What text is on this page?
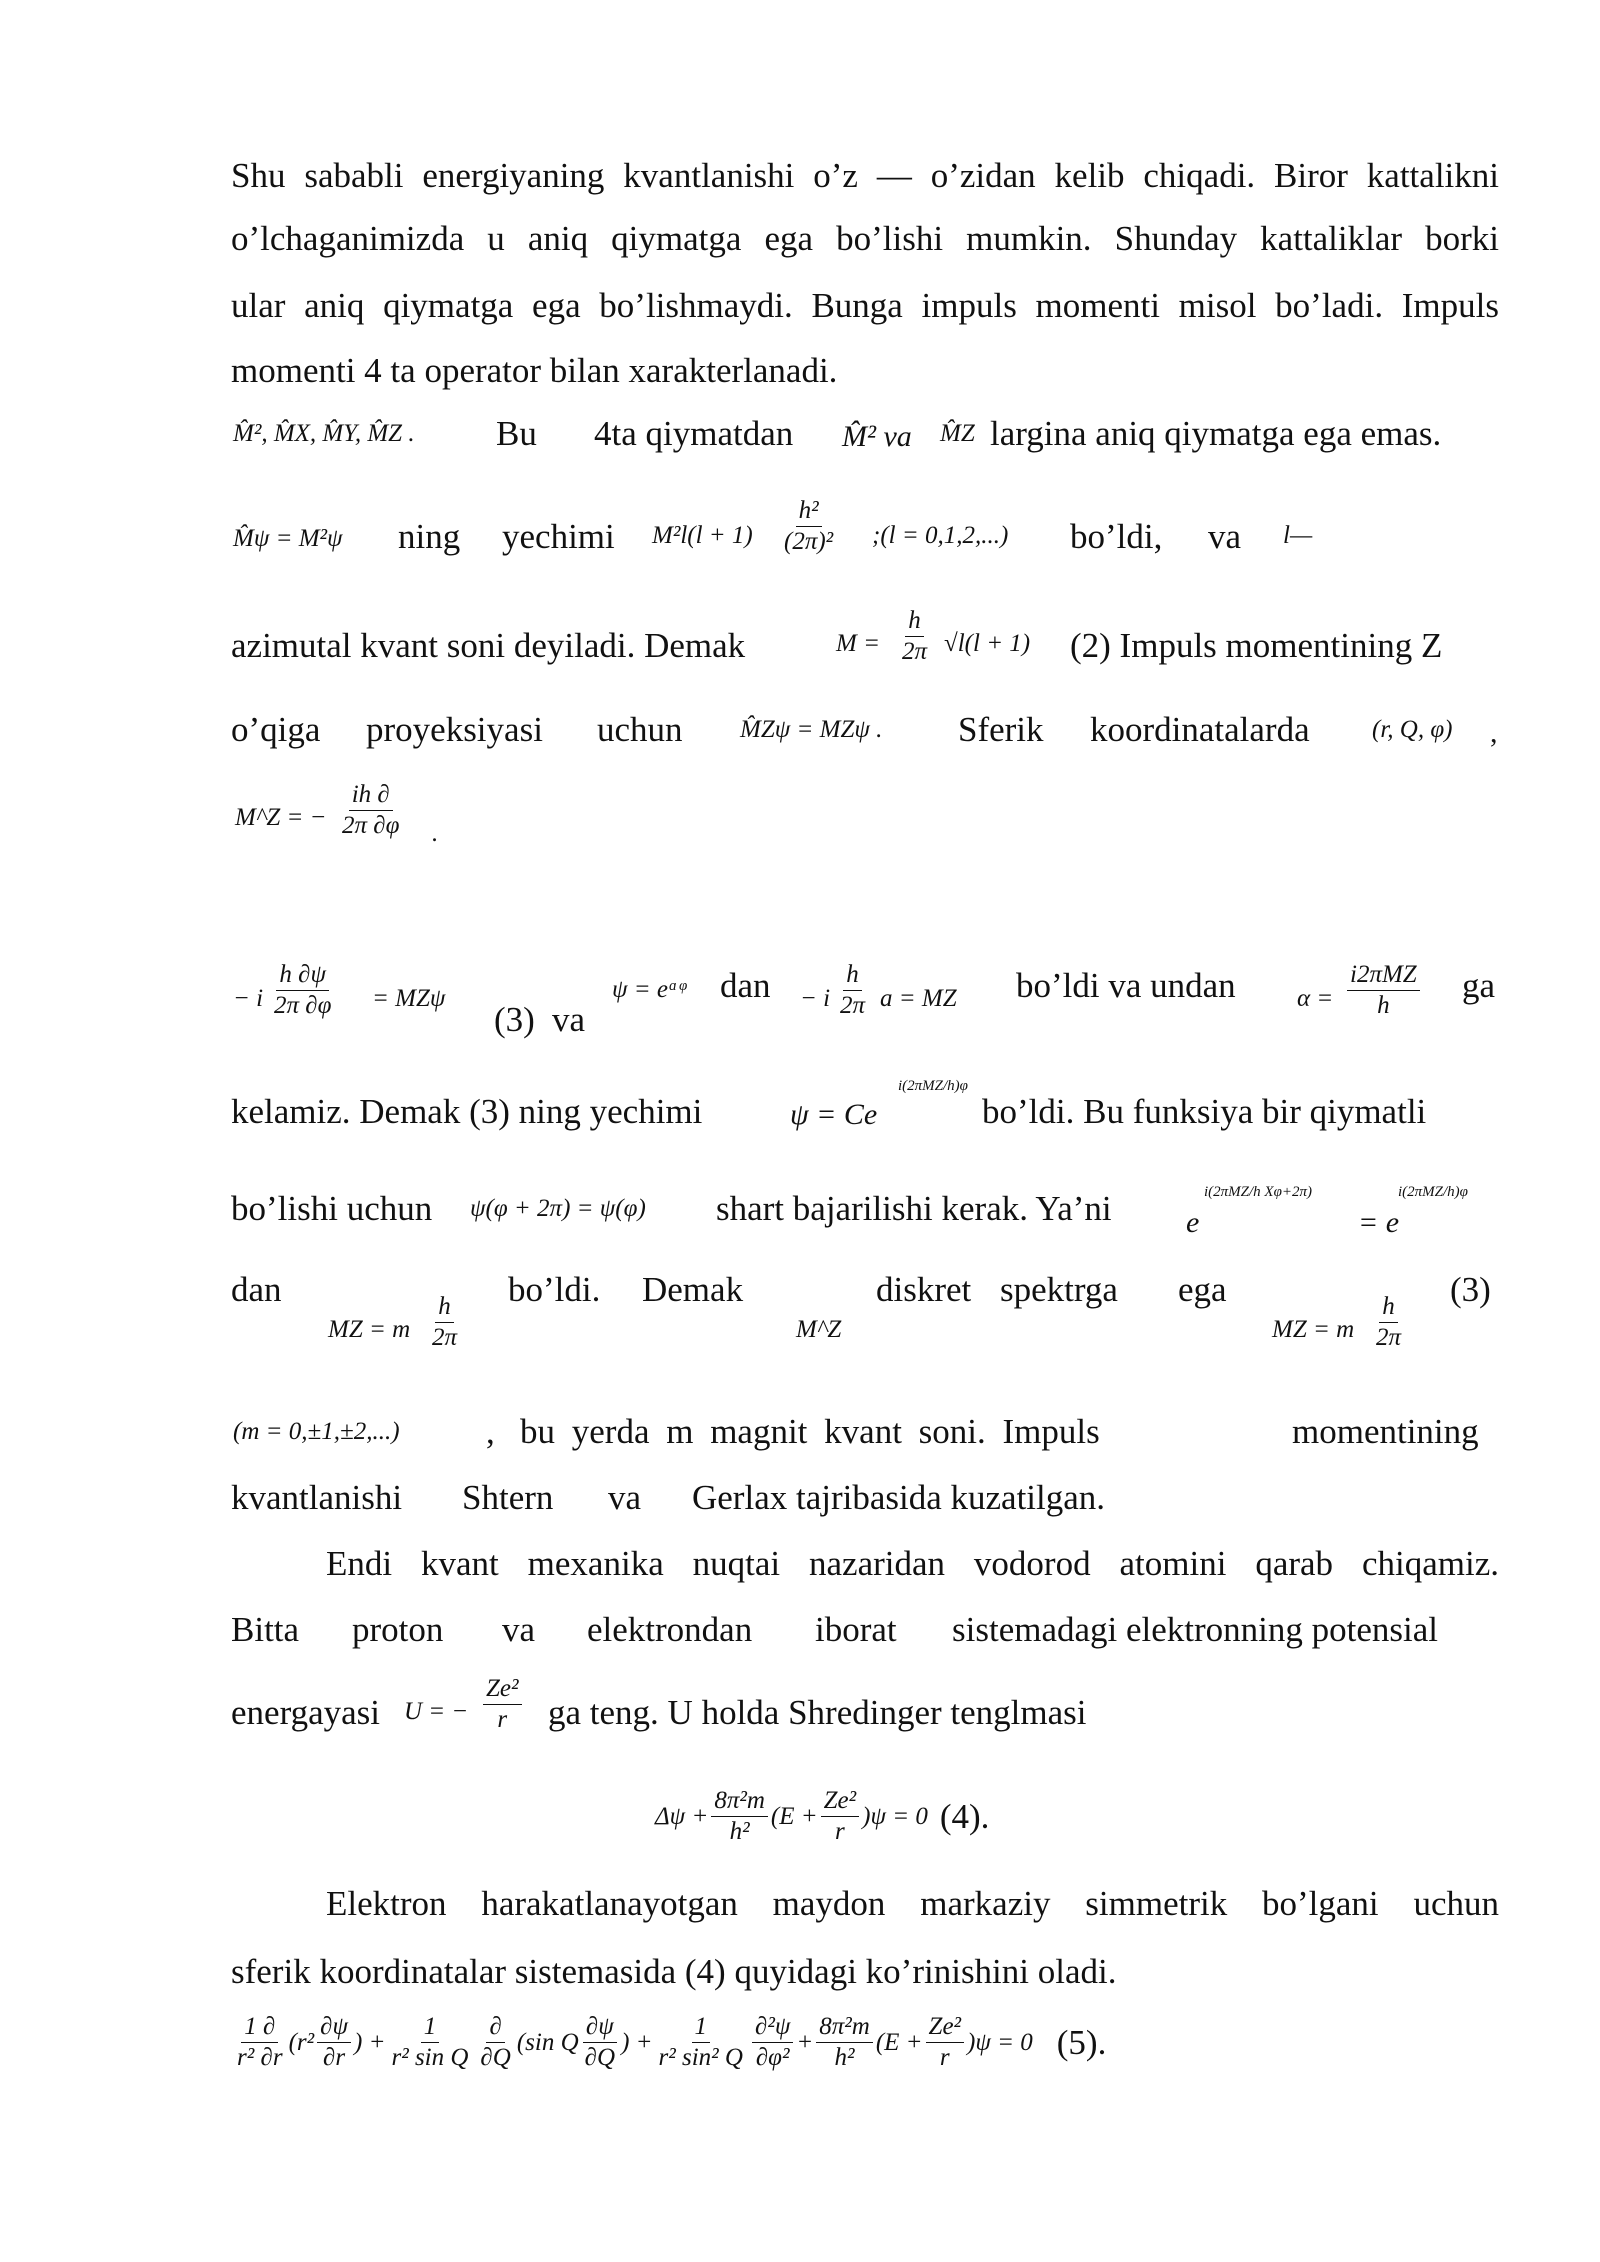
Shu sababli energiyaning kvantlanishi o’z — o’zidan kelib chiqadi. Biror kattalikni
o’lchaganimizda u aniq qiymatga ega bo’lishi mumkin. Shunday kattaliklar borki
ular aniq qiymatga ega bo’lishmaydi. Bunga impuls momenti misol bo’ladi. Impuls
momenti 4 ta operator bilan xarakterlanadi.
M̂², M̂X, M̂Y, M̂Z . Bu 4ta qiymatdan M̂² va M̂Z largina aniq qiymatga ega emas.
M̂ψ = M²ψ ning yechimi $M^2l(l + 1) \frac{\text{h²}}{\text{(2π)²}}$ ;(l = 0,1,2,...) bo’ldi, va l—
azimutal kvant soni deyiladi. Demak	$M = \frac{h}{2\pi} √l(l + 1)$ (2) Impuls momentining Z
o’qiga proyeksiyasi uchun M̂Zψ = MZψ . Sferik koordinatalarda (r, Q, φ) ,
M^Z = − $\frac{ih \partial}{2\pi \partial\varphi}$ .
− i $\frac{h \partial\psi}{2\pi \partial\varphi} = MZ\psi$
(3) va
ψ = eᵅᵠ dan − i $\frac{h}{2\pi}$ a = MZ bo’ldi va undan $\alpha = \frac{\text{i2πMZ}}{h}$ ga
kelamiz. Demak (3) ning yechimi	ψ = Ce
i(2πMZ/h)φ
bo’ldi. Bu funksiya bir qiymatli
bo’lishi uchun ψ(φ + 2π) = ψ(φ) shart bajarilishi kerak. Ya’ni e
i(2πMZ/h Xφ+2π)
= e
i(2πMZ/h)φ
dan
MZ = m $\frac{h}{2\pi}$
bo’ldi. Demak
M^Z
diskret spektrga ega
MZ = m $\frac{h}{2\pi}$
(3)
(m = 0,±1,±2,...) , bu yerda m magnit kvant soni. Impuls	momentining
kvantlanishi Shtern va Gerlax tajribasida kuzatilgan.
Endi kvant mexanika nuqtai nazaridan vodorod atomini qarab chiqamiz.
Bitta proton va elektrondan iborat sistemadagi elektronning potensial
energayasi U = − $\frac{\text{Ze²}}{r}$ ga teng. U holda Shredinger tenglmasi
$\Delta\psi + \frac{\text{8π²m}}{\text{h²}} (E + \frac{\text{Ze²}}{r} )\psi = 0$ (4).
Elektron harakatlanayotgan maydon markaziy simmetrik bo’lgani uchun
sferik koordinatalar sistemasida (4) quyidagi ko’rinishini oladi.
$\frac{1 \partial}{\text{r² ∂r}} (r^2 \frac{\partial\psi}{\partial r}$ ) + $\frac{1}{\text{r² sin Q}} \frac{\partial}{\partial Q} (\sin$ Q $\frac{\partial\psi}{\partial Q}$ ) + $\frac{1}{\text{r² sin² Q}} \frac{\text{∂²ψ}}{\text{∂φ²}} + \frac{\text{8π²m}}{\text{h²}} (E + \frac{\text{Ze²}}{r} )\psi = 0$ (5).
